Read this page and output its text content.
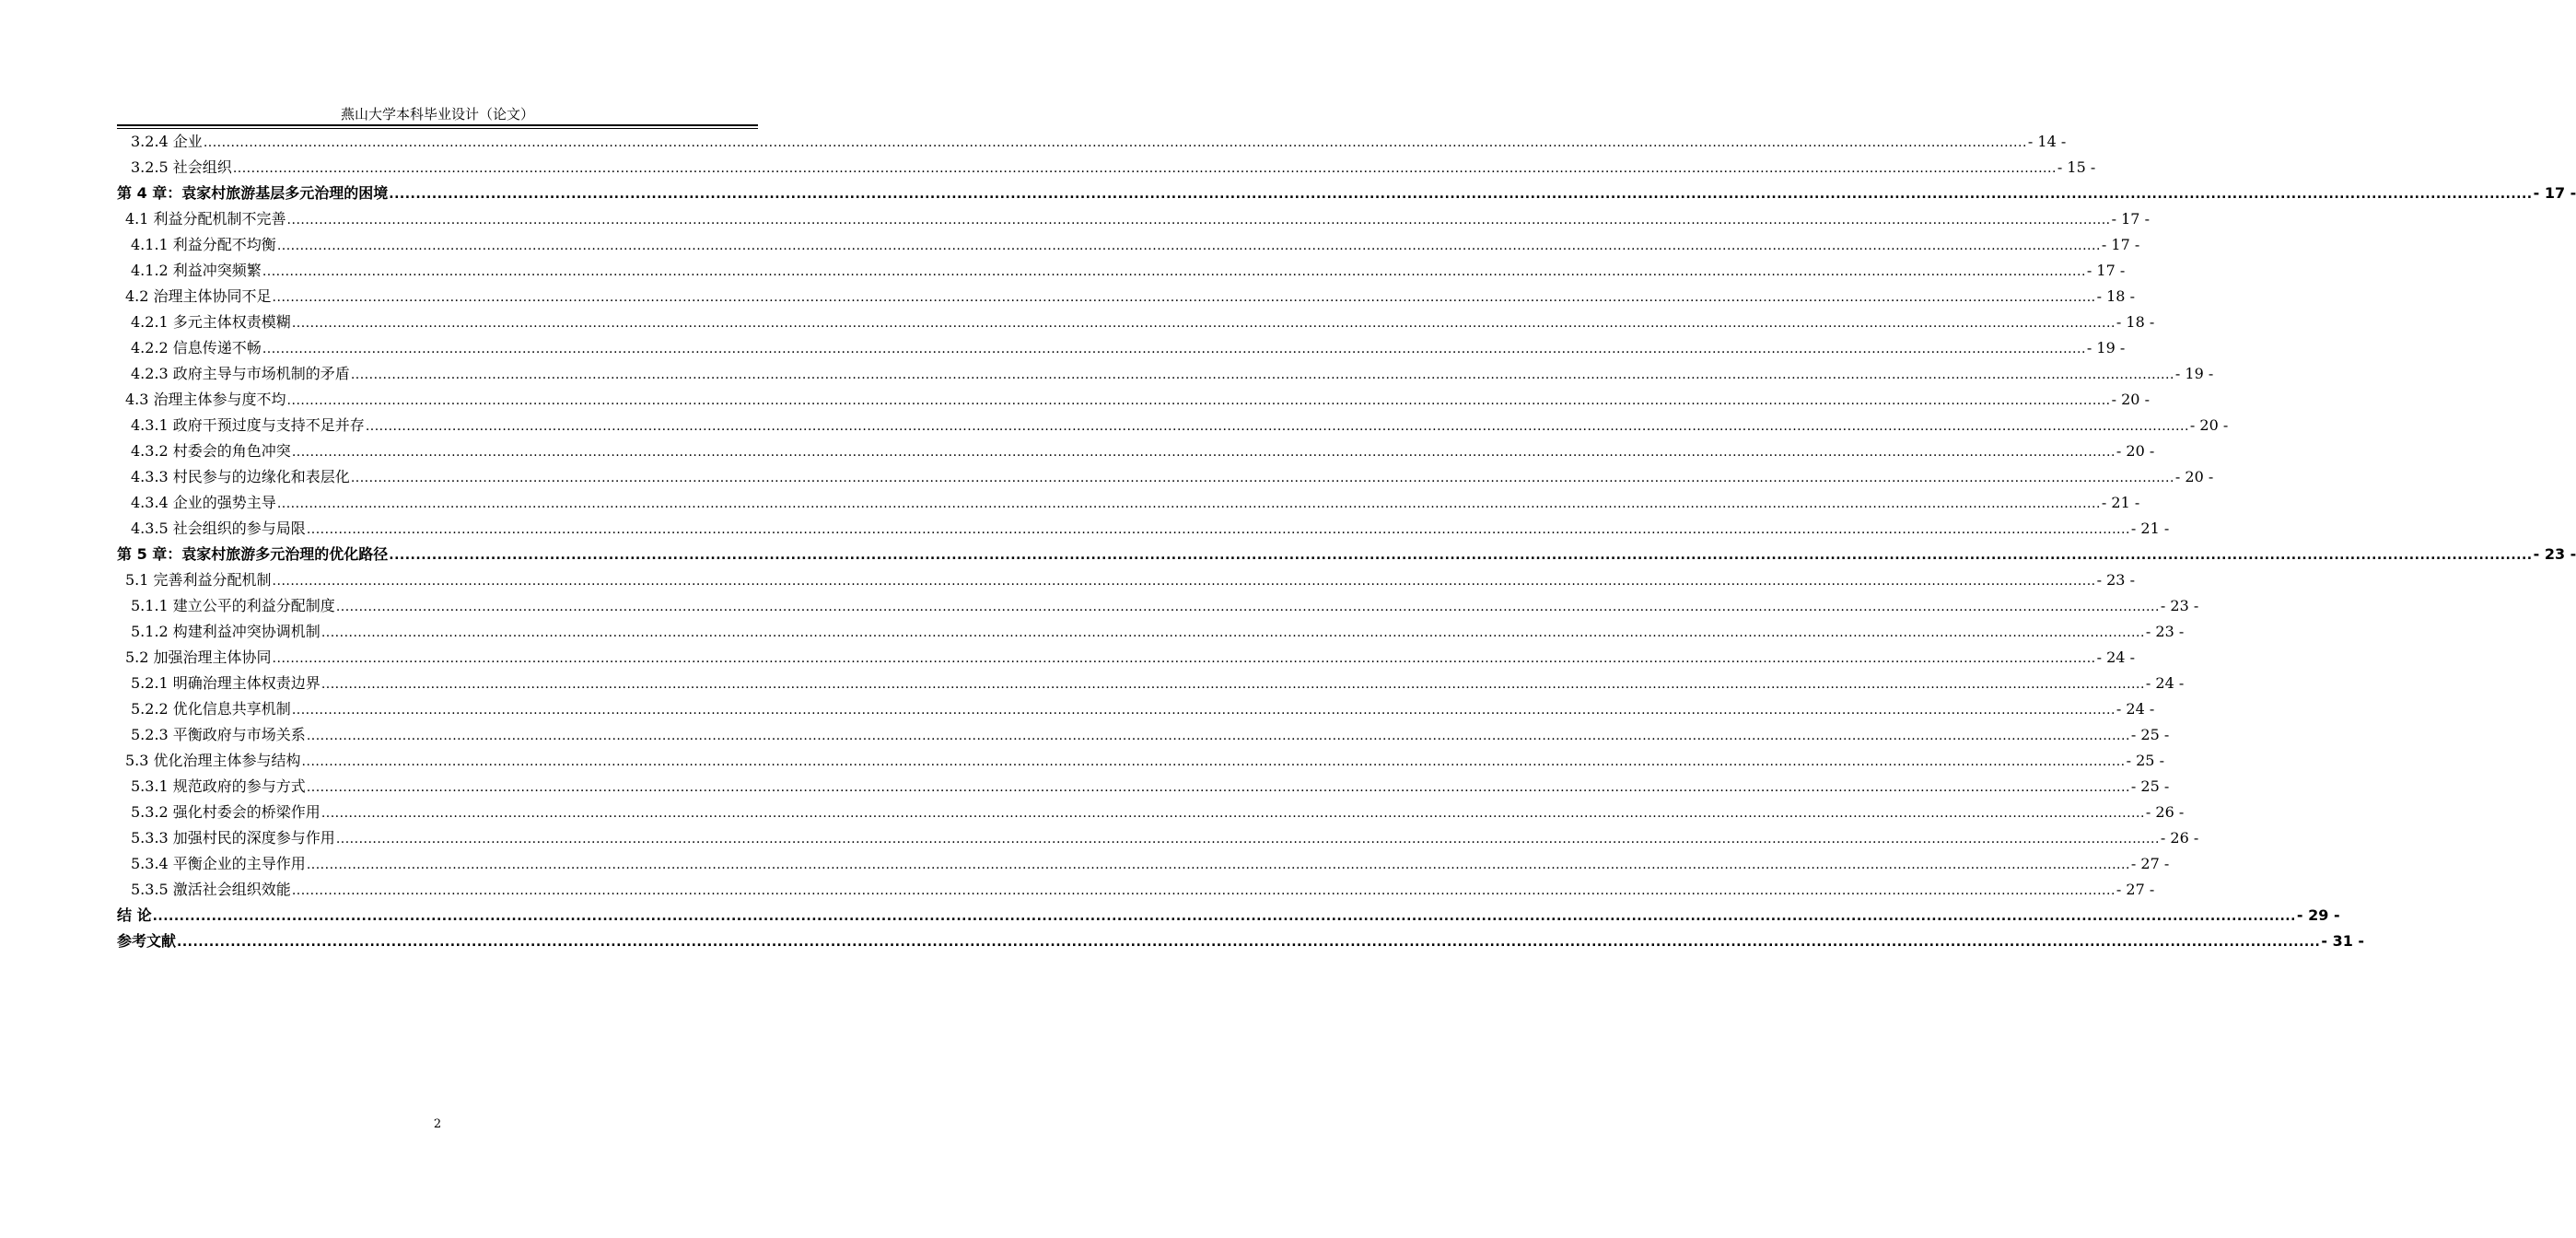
燕山大学本科毕业设计（论文）
3.2.4 企业 ................................................................................................................................................................................................................................................................................................................................................................................................................ - 14 -
3.2.5 社会组织 ................................................................................................................................................................................................................................................................................................................................................................................................................ - 15 -
第 4 章：袁家村旅游基层多元治理的困境 ................................................................................................................................................................................................................................................................................................................................................................................................................ - 17 -
4.1 利益分配机制不完善 ................................................................................................................................................................................................................................................................................................................................................................................................................ - 17 -
4.1.1 利益分配不均衡 ................................................................................................................................................................................................................................................................................................................................................................................................................ - 17 -
4.1.2 利益冲突频繁 ................................................................................................................................................................................................................................................................................................................................................................................................................ - 17 -
4.2 治理主体协同不足 ................................................................................................................................................................................................................................................................................................................................................................................................................ - 18 -
4.2.1 多元主体权责模糊 ................................................................................................................................................................................................................................................................................................................................................................................................................ - 18 -
4.2.2 信息传递不畅 ................................................................................................................................................................................................................................................................................................................................................................................................................ - 19 -
4.2.3 政府主导与市场机制的矛盾 ................................................................................................................................................................................................................................................................................................................................................................................................................ - 19 -
4.3 治理主体参与度不均 ................................................................................................................................................................................................................................................................................................................................................................................................................ - 20 -
4.3.1 政府干预过度与支持不足并存 ................................................................................................................................................................................................................................................................................................................................................................................................................ - 20 -
4.3.2 村委会的角色冲突 ................................................................................................................................................................................................................................................................................................................................................................................................................ - 20 -
4.3.3 村民参与的边缘化和表层化 ................................................................................................................................................................................................................................................................................................................................................................................................................ - 20 -
4.3.4 企业的强势主导 ................................................................................................................................................................................................................................................................................................................................................................................................................ - 21 -
4.3.5 社会组织的参与局限 ................................................................................................................................................................................................................................................................................................................................................................................................................ - 21 -
第 5 章：袁家村旅游多元治理的优化路径 ................................................................................................................................................................................................................................................................................................................................................................................................................ - 23 -
5.1 完善利益分配机制 ................................................................................................................................................................................................................................................................................................................................................................................................................ - 23 -
5.1.1 建立公平的利益分配制度 ................................................................................................................................................................................................................................................................................................................................................................................................................ - 23 -
5.1.2 构建利益冲突协调机制 ................................................................................................................................................................................................................................................................................................................................................................................................................ - 23 -
5.2 加强治理主体协同 ................................................................................................................................................................................................................................................................................................................................................................................................................ - 24 -
5.2.1 明确治理主体权责边界 ................................................................................................................................................................................................................................................................................................................................................................................................................ - 24 -
5.2.2 优化信息共享机制 ................................................................................................................................................................................................................................................................................................................................................................................................................ - 24 -
5.2.3 平衡政府与市场关系 ................................................................................................................................................................................................................................................................................................................................................................................................................ - 25 -
5.3 优化治理主体参与结构 ................................................................................................................................................................................................................................................................................................................................................................................................................ - 25 -
5.3.1 规范政府的参与方式 ................................................................................................................................................................................................................................................................................................................................................................................................................ - 25 -
5.3.2 强化村委会的桥梁作用 ................................................................................................................................................................................................................................................................................................................................................................................................................ - 26 -
5.3.3 加强村民的深度参与作用 ................................................................................................................................................................................................................................................................................................................................................................................................................ - 26 -
5.3.4 平衡企业的主导作用 ................................................................................................................................................................................................................................................................................................................................................................................................................ - 27 -
5.3.5 激活社会组织效能 ................................................................................................................................................................................................................................................................................................................................................................................................................ - 27 -
结 论 ................................................................................................................................................................................................................................................................................................................................................................................................................ - 29 -
参考文献 ................................................................................................................................................................................................................................................................................................................................................................................................................ - 31 -
2
